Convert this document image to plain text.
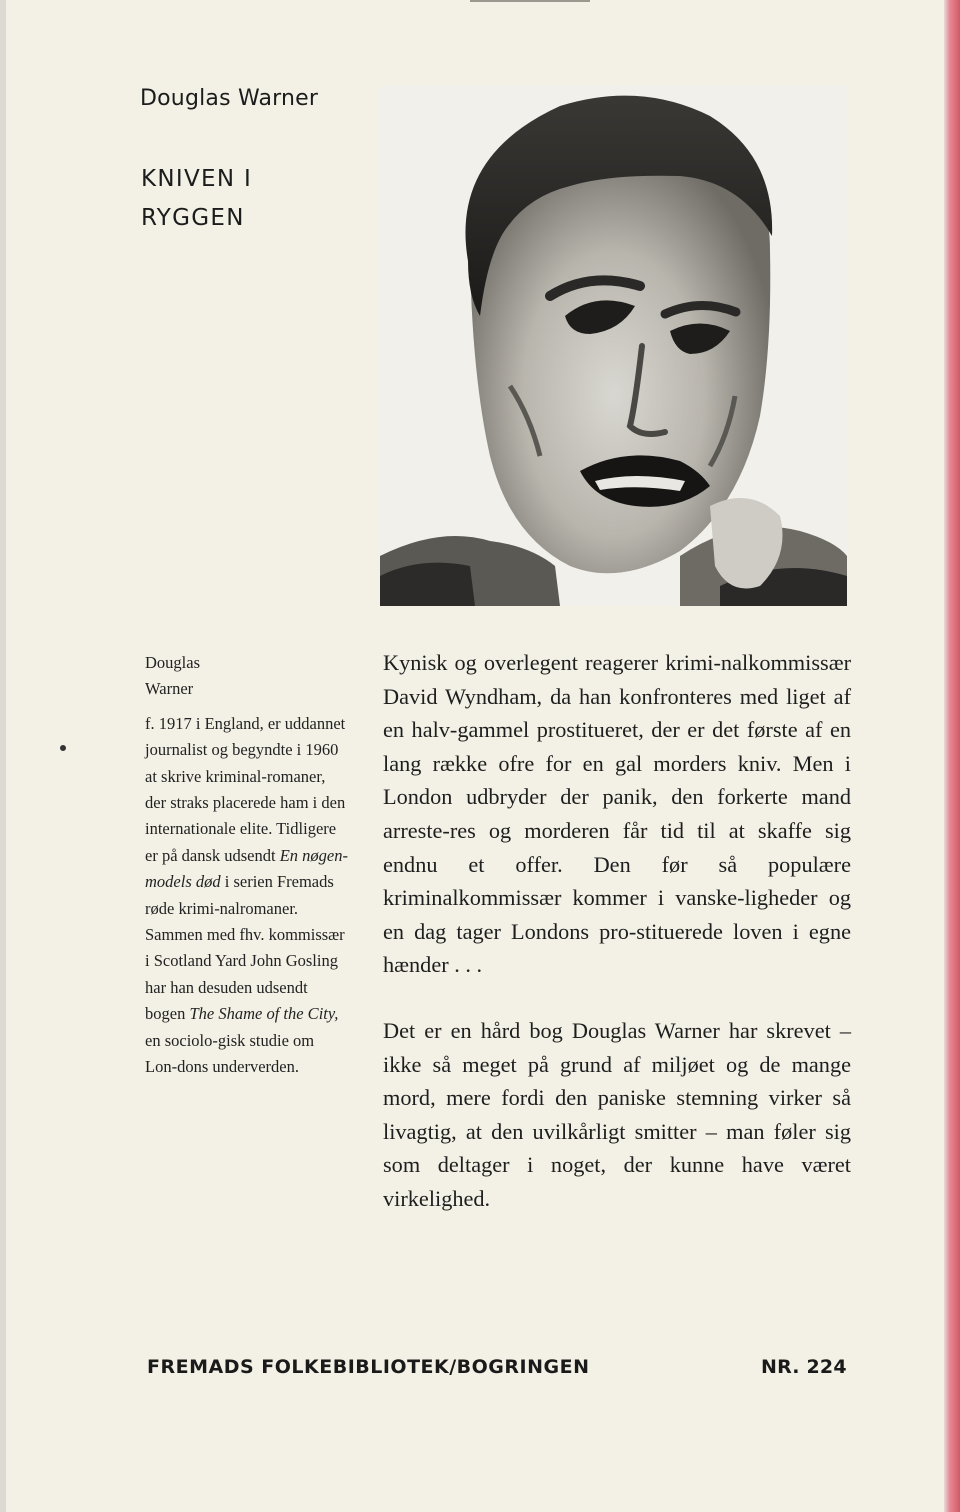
Douglas Warner
KNIVEN I
RYGGEN

Douglas
Warner

f. 1917 i England, er uddannet journalist og begyndte i 1960 at skrive kriminal-romaner, der straks placerede ham i den internationale elite. Tidligere er på dansk udsendt En nøgen-models død i serien Fremads røde krimi-nalromaner. Sammen med fhv. kommissær i Scotland Yard John Gosling har han desuden udsendt bogen The Shame of the City, en sociolo-gisk studie om Lon-dons underverden.

Kynisk og overlegent reagerer krimi-nalkommissær David Wyndham, da han konfronteres med liget af en halv-gammel prostitueret, der er det første af en lang række ofre for en gal morders kniv. Men i London udbryder der panik, den forkerte mand arreste-res og morderen får tid til at skaffe sig endnu et offer. Den før så populære kriminalkommissær kommer i vanske-ligheder og en dag tager Londons pro-stituerede loven i egne hænder . . .

Det er en hård bog Douglas Warner har skrevet – ikke så meget på grund af miljøet og de mange mord, mere fordi den paniske stemning virker så livagtig, at den uvilkårligt smitter – man føler sig som deltager i noget, der kunne have været virkelighed.

FREMADS FOLKEBIBLIOTEK/BOGRINGEN	NR. 224
